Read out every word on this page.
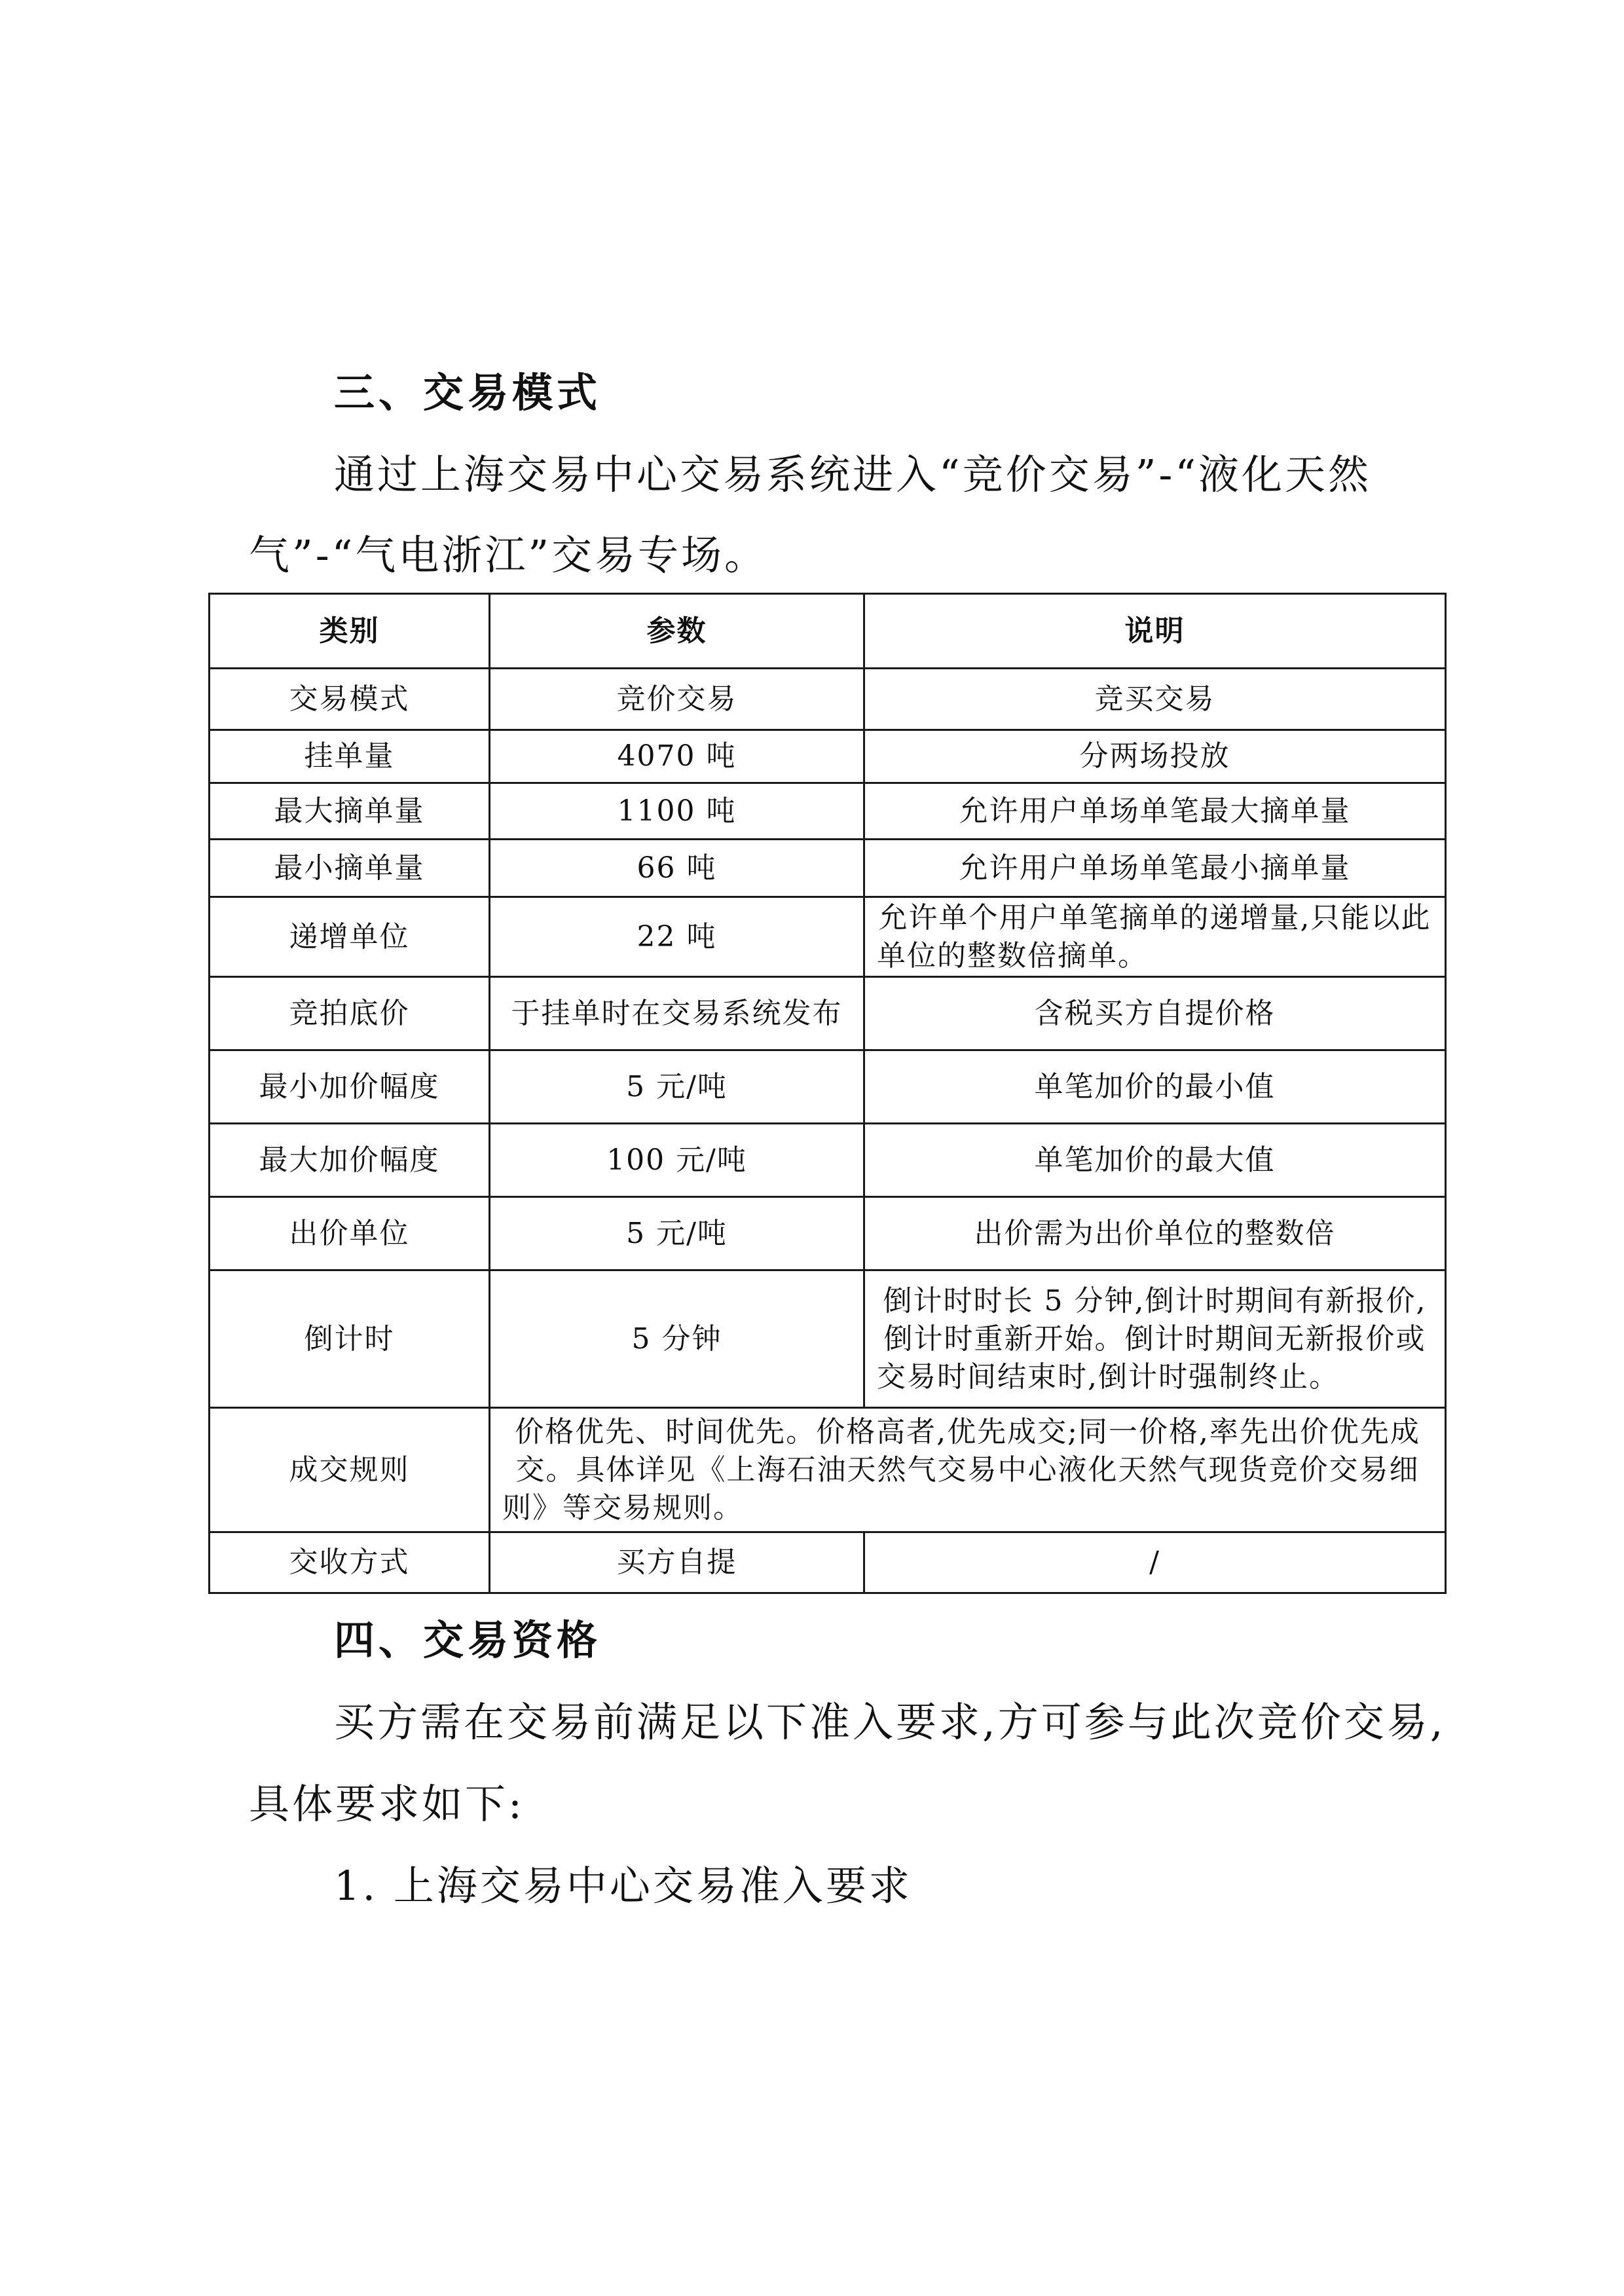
三、交易模式

通过上海交易中心交易系统进入“竞价交易”-“液化天然

气”-“气电浙江”交易专场。

类别	参数	说明
交易模式	竞价交易	竞买交易
挂单量	4070 吨	分两场投放
最大摘单量	1100 吨	允许用户单场单笔最大摘单量
最小摘单量	66 吨	允许用户单场单笔最小摘单量
递增单位	22 吨	允许单个用户单笔摘单的递增量,只能以此单位的整数倍摘单。
竞拍底价	于挂单时在交易系统发布	含税买方自提价格
最小加价幅度	5 元/吨	单笔加价的最小值
最大加价幅度	100 元/吨	单笔加价的最大值
出价单位	5 元/吨	出价需为出价单位的整数倍
倒计时	5 分钟	倒计时时长 5 分钟,倒计时期间有新报价,倒计时重新开始。倒计时期间无新报价或交易时间结束时,倒计时强制终止。
成交规则	价格优先、时间优先。价格高者,优先成交;同一价格,率先出价优先成交。具体详见《上海石油天然气交易中心液化天然气现货竞价交易细则》等交易规则。	
交收方式	买方自提	/
四、交易资格

买方需在交易前满足以下准入要求,方可参与此次竞价交易,

具体要求如下:

1. 上海交易中心交易准入要求
